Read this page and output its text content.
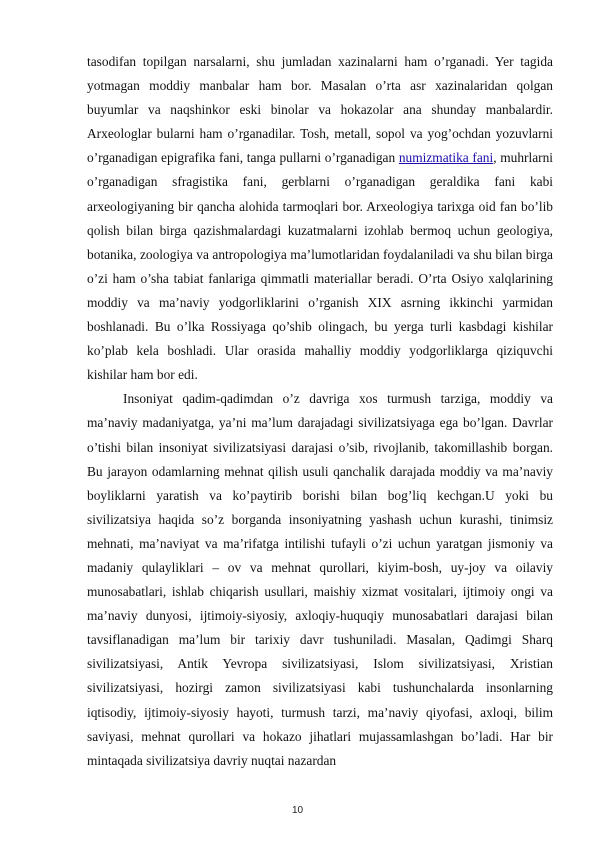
tasodifan topilgan narsalarni, shu jumladan xazinalarni ham o’rganadi. Yer tagida yotmagan moddiy manbalar ham bor. Masalan o’rta asr xazinalaridan qolgan buyumlar va naqshinkor eski binolar va hokazolar ana shunday manbalardir. Arxeologlar bularni ham o’rganadilar. Tosh, metall, sopol va yog’ochdan yozuvlarni o’rganadigan epigrafika fani, tanga pullarni o’rganadigan numizmatika fani, muhrlarni o’rganadigan sfragistika fani, gerblarni o’rganadigan geraldika fani kabi arxeologiyaning bir qancha alohida tarmoqlari bor. Arxeologiya tarixga oid fan bo’lib qolish bilan birga qazishmalardagi kuzatmalarni izohlab bermoq uchun geologiya, botanika, zoologiya va antropologiya ma’lumotlaridan foydalaniladi va shu bilan birga o’zi ham o’sha tabiat fanlariga qimmatli materiallar beradi. O’rta Osiyo xalqlarining moddiy va ma’naviy yodgorliklarini o’rganish XIX asrning ikkinchi yarmidan boshlanadi. Bu o’lka Rossiyaga qo’shib olingach, bu yerga turli kasbdagi kishilar ko’plab kela boshladi. Ular orasida mahalliy moddiy yodgorliklarga qiziquvchi kishilar ham bor edi.

Insoniyat qadim-qadimdan o’z davriga xos turmush tarziga, moddiy va ma’naviy madaniyatga, ya’ni ma’lum darajadagi sivilizatsiyaga ega bo’lgan. Davrlar o’tishi bilan insoniyat sivilizatsiyasi darajasi o’sib, rivojlanib, takomillashib borgan. Bu jarayon odamlarning mehnat qilish usuli qanchalik darajada moddiy va ma’naviy boyliklarni yaratish va ko’paytirib borishi bilan bog’liq kechgan.U yoki bu sivilizatsiya haqida so’z borganda insoniyatning yashash uchun kurashi, tinimsiz mehnati, ma’naviyat va ma’rifatga intilishi tufayli o’zi uchun yaratgan jismoniy va madaniy qulayliklari – ov va mehnat qurollari, kiyim-bosh, uy-joy va oilaviy munosabatlari, ishlab chiqarish usullari, maishiy xizmat vositalari, ijtimoiy ongi va ma’naviy dunyosi, ijtimoiy-siyosiy, axloqiy-huquqiy munosabatlari darajasi bilan tavsiflanadigan ma’lum bir tarixiy davr tushuniladi. Masalan, Qadimgi Sharq sivilizatsiyasi, Antik Yevropa sivilizatsiyasi, Islom sivilizatsiyasi, Xristian sivilizatsiyasi, hozirgi zamon sivilizatsiyasi kabi tushunchalarda insonlarning iqtisodiy, ijtimoiy-siyosiy hayoti, turmush tarzi, ma’naviy qiyofasi, axloqi, bilim saviyasi, mehnat qurollari va hokazo jihatlari mujassamlashgan bo’ladi. Har bir mintaqada sivilizatsiya davriy nuqtai nazardan

10
